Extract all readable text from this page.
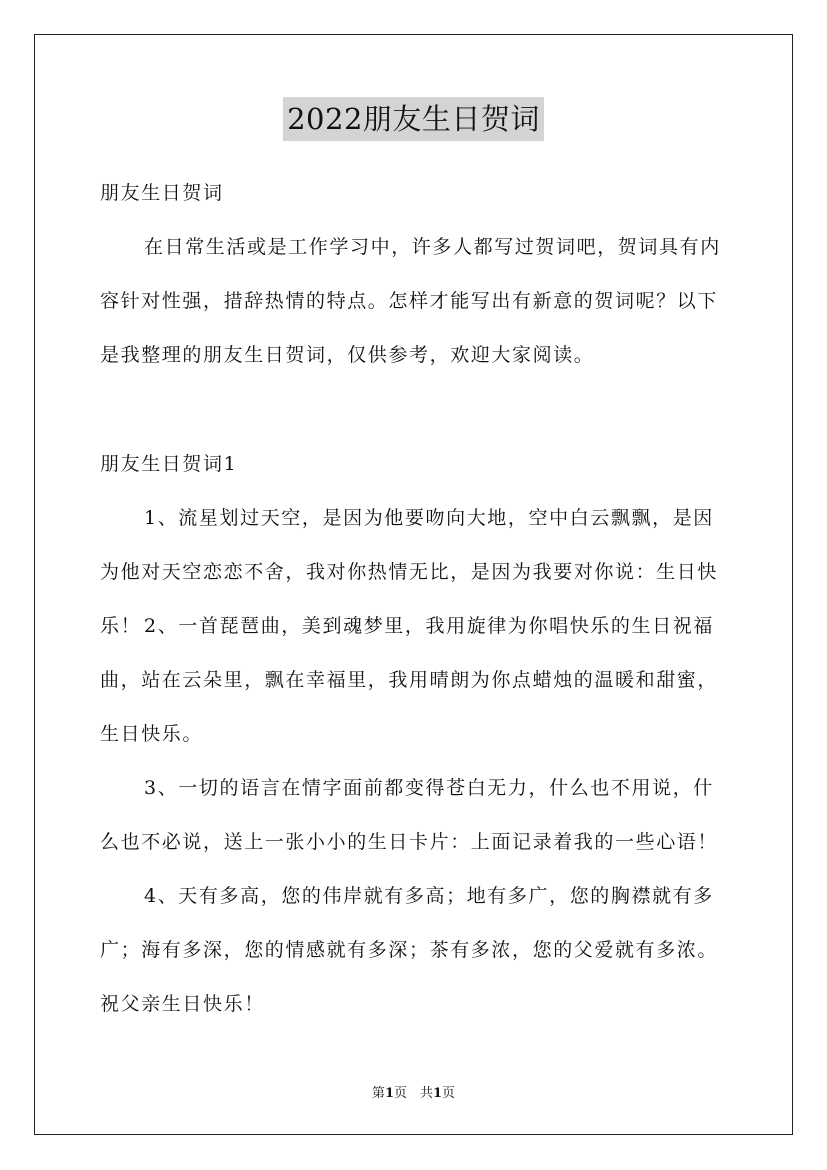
2022朋友生日贺词

朋友生日贺词

在日常生活或是工作学习中，许多人都写过贺词吧，贺词具有内容针对性强，措辞热情的特点。怎样才能写出有新意的贺词呢？以下是我整理的朋友生日贺词，仅供参考，欢迎大家阅读。

朋友生日贺词1

1、流星划过天空，是因为他要吻向大地，空中白云飘飘，是因为他对天空恋恋不舍，我对你热情无比，是因为我要对你说：生日快乐！ 2、一首琵琶曲，美到魂梦里，我用旋律为你唱快乐的生日祝福曲，站在云朵里，飘在幸福里，我用晴朗为你点蜡烛的温暖和甜蜜，生日快乐。

3、一切的语言在情字面前都变得苍白无力，什么也不用说，什么也不必说，送上一张小小的生日卡片：上面记录着我的一些心语！

4、天有多高，您的伟岸就有多高；地有多广，您的胸襟就有多广；海有多深，您的情感就有多深；茶有多浓，您的父爱就有多浓。祝父亲生日快乐！

第1页　共1页
